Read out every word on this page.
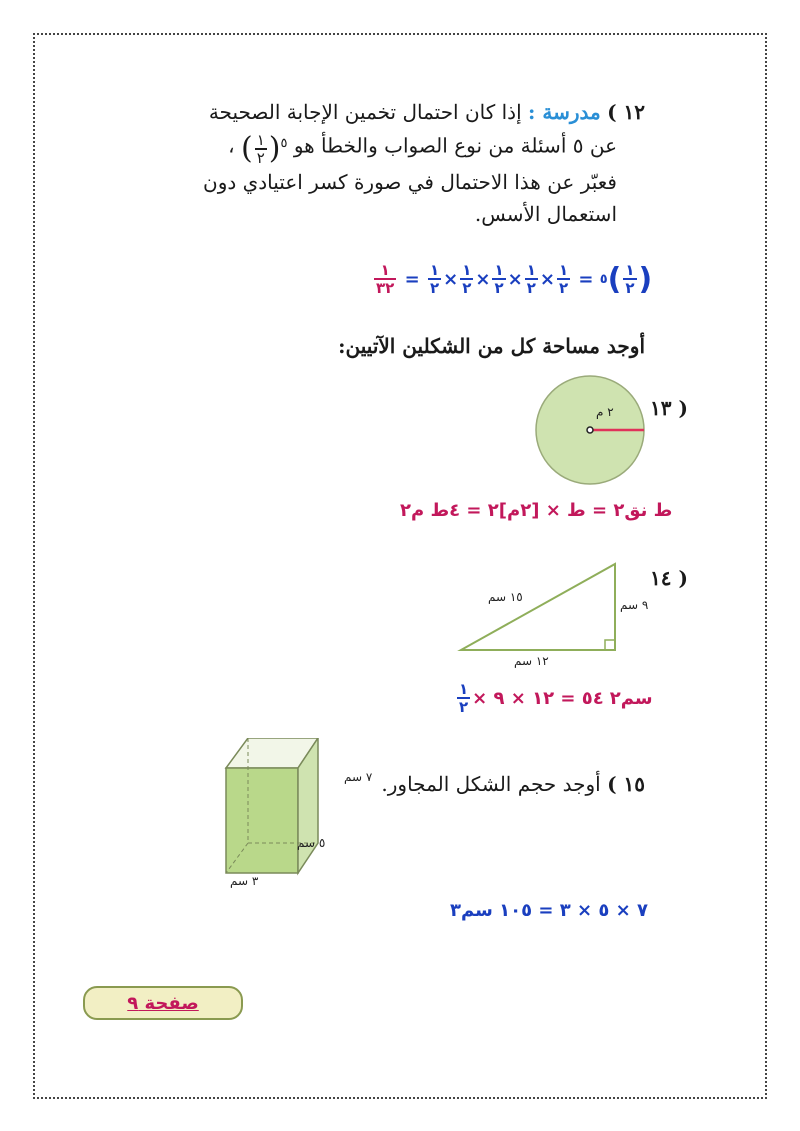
١٢ ) مدرسة : إذا كان احتمال تخمين الإجابة الصحيحة
عن ٥ أسئلة من نوع الصواب والخطأ هو ( $\frac{١}{٢} )^٥$ ،
فعبّر عن هذا الاحتمال في صورة كسر اعتيادي دون
استعمال الأسس.
$\frac{١}{٣٢} = \frac{١}{٢} \times \frac{١}{٢} \times \frac{١}{٢} \times \frac{١}{٢} \times \frac{١}{٢}$ = ٥ ( $\frac{١}{٢}$ )
أوجد مساحة كل من الشكلين الآتيين:
( ١٣
٢ م
ط نق٢ = ط × [٢م]٢ = ٤ط م٢
( ١٤
١٥ سم
٩ سم
١٢ سم
$\frac{١}{٢}$ ٥٤ = ١٢ × ٩ × سم٢
١٥ ) أوجد حجم الشكل المجاور.
٧ سم
٥ سم
٣ سم
٧ × ٥ × ٣ = ١٠٥ سم٣
صفحة ٩
